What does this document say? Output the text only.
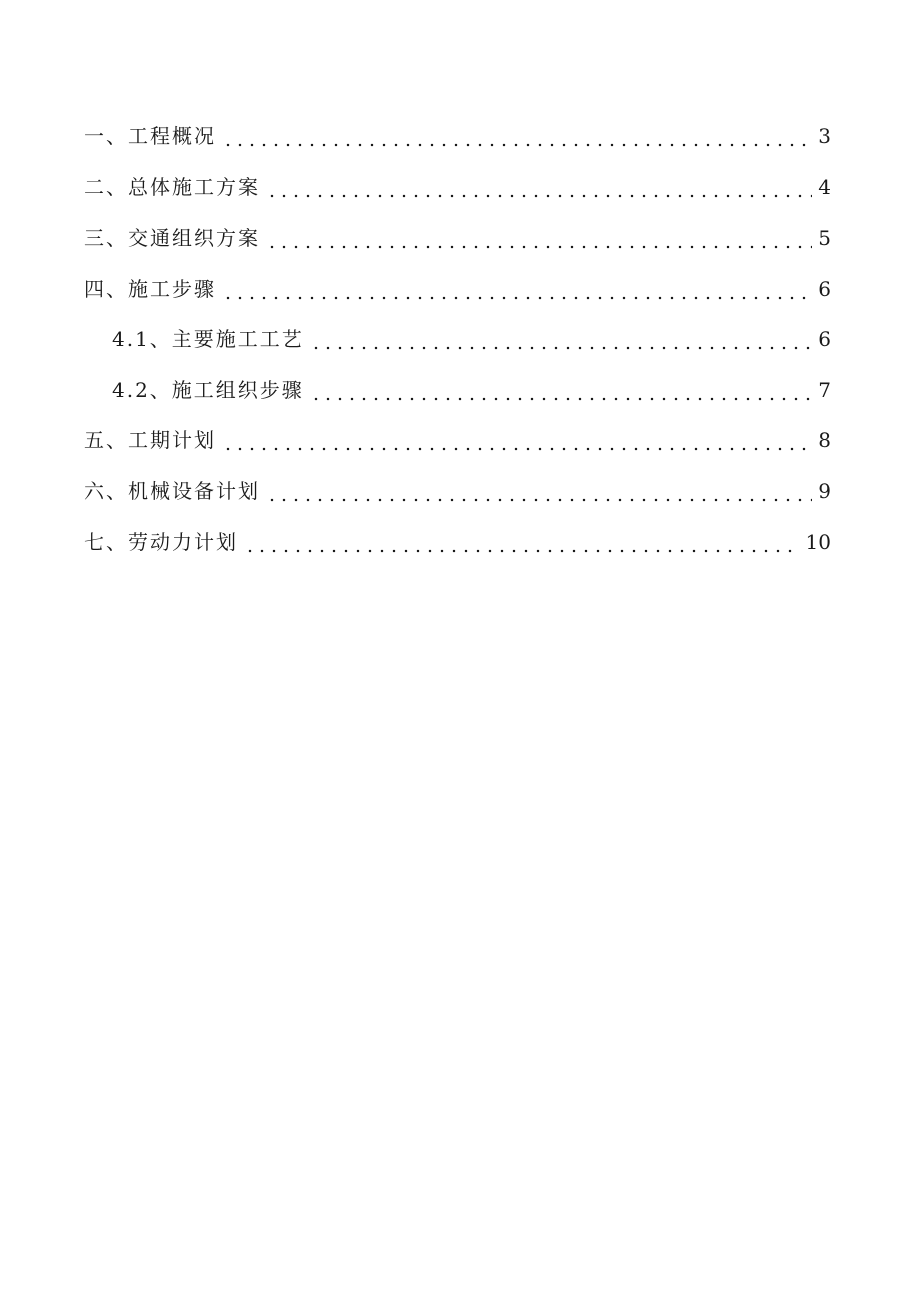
一、工程概况	3
二、总体施工方案	4
三、交通组织方案	5
四、施工步骤	6
4.1、主要施工工艺	6
4.2、施工组织步骤	7
五、工期计划	8
六、机械设备计划	9
七、劳动力计划	10
